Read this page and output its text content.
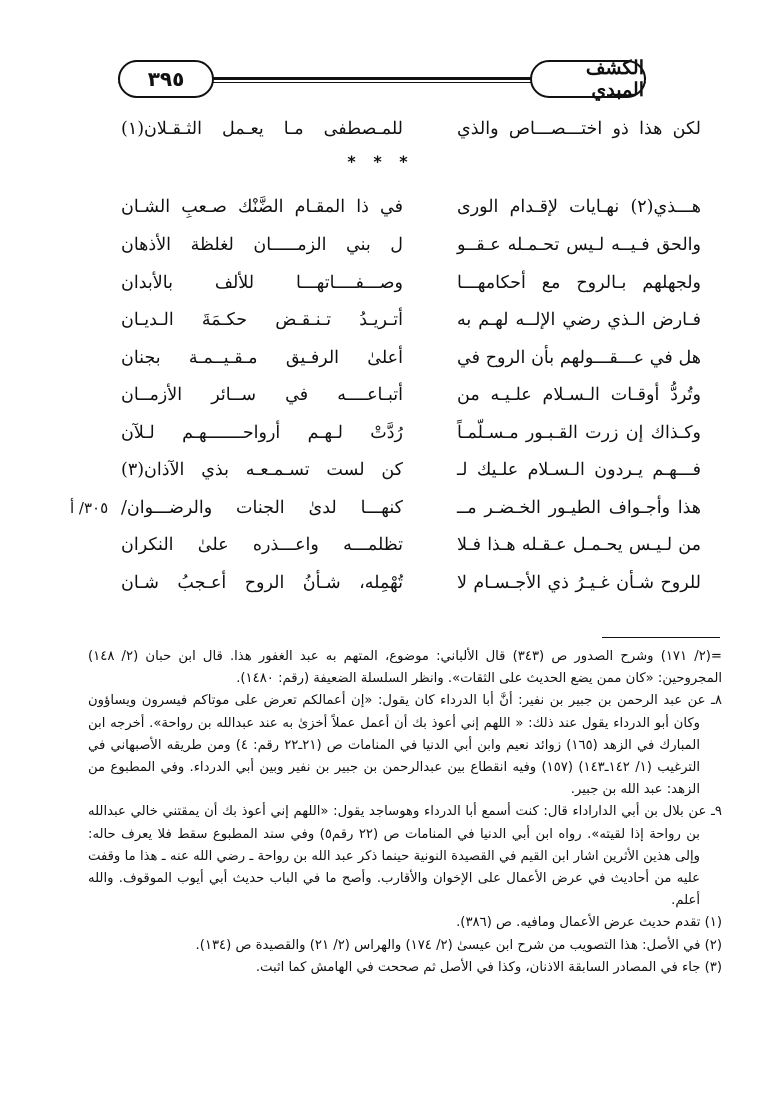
الكشف المبدي
٣٩٥
لكن هذا ذو اختـــصـــاص والذي
للمـصطفى مـا يعـمل الثـقـلان(١)
* * *
هـــذي(٢) نهـايات لإقـدام الورى
في ذا المقـام الضَّنْك صـعبِ الشـان
والحق فـيــه لـيس تحـمـله عـقــو
ل بني الزمـــــان لغلظة الأذهان
ولجهلهم بـالروح مع أحكامهـــا
وصـــفــــاتهـــا للألف بالأبدان
فـارض الـذي رضي الإلــه لهـم به
أتـريـدُ تـنـقـض حكـمَةَ الـديـان
هل في عـــقـــولهم بأن الروح في
أعلىٰ الرفـيق مـقـيــمـة بجنان
وتُردُّ أوقـات الـسـلام علـيـه من
أتبـاعــــه في ســائر الأزمــان
وكـذاك إن زرت القـبـور مـسـلّمـاً
رُدَّتْ لـهـم أرواحـــــــهـم لـلآن
فـــهـم يـردون الـسـلام علـيك لـ
كن لست تسـمـعـه بذي الآذان(٣)
هذا وأجـواف الطيـور الخـضـر مــ
كنهـــا لدىٰ الجنات والرضـــوان/
٣٠٥/ أ
من لـيـس يحـمـل عـقـله هـذا فـلا
تظلمـــه واعـــذره علىٰ النكران
للروح شـأن غـيـرُ ذي الأجـسـام لا
تُهْمِله، شـأنُ الروح أعـجبُ شـان

=(٢/ ١٧١) وشرح الصدور ص (٣٤٣) قال الألباني: موضوع، المتهم به عبد الغفور هذا. قال ابن حبان (٢/ ١٤٨) المجروحين: «كان ممن يضع الحديث على الثقات». وانظر السلسلة الضعيفة (رقم: ١٤٨٠).

٨ـ عن عبد الرحمن بن جبير بن نفير: أنَّ أبا الدرداء كان يقول: «إن أعمالكم تعرض على موتاكم فيسرون ويساؤون وكان أبو الدرداء يقول عند ذلك: « اللهم إني أعوذ بك أن أعمل عملاً أخزىٰ به عند عبدالله بن رواحة». أخرجه ابن المبارك في الزهد (١٦٥) زوائد نعيم وابن أبي الدنيا في المنامات ص (٢١ـ٢٢ رقم: ٤) ومن طريقه الأصبهاني في الترغيب (١/ ١٤٢ـ١٤٣) (١٥٧) وفيه انقطاع بين عبدالرحمن بن جبير بن نفير وبين أبي الدرداء. وفي المطبوع من الزهد: عبد الله بن جبير.

٩ـ عن بلال بن أبي الداراداء قال: كنت أسمع أبا الدرداء وهوساجد يقول: «اللهم إني أعوذ بك أن يمقتني خالي عبدالله بن رواحة إذا لقيته». رواه ابن أبي الدنيا في المنامات ص (٢٢ رقم٥) وفي سند المطبوع سقط فلا يعرف حاله: وإلى هذين الأثرين اشار ابن القيم في القصيدة النونية حينما ذكر عبد الله بن رواحة ـ رضي الله عنه ـ هذا ما وقفت عليه من أحاديث في عرض الأعمال على الإخوان والأقارب. وأصح ما في الباب حديث أبي أيوب الموقوف. والله أعلم.

(١) تقدم حديث عرض الأعمال ومافيه. ص (٣٨٦).

(٢) في الأصل: هذا التصويب من شرح ابن عيسىٰ (٢/ ١٧٤) والهراس (٢/ ٢١) والقصيدة ص (١٣٤).

(٣) جاء في المصادر السابقة الاذنان، وكذا في الأصل ثم صححت في الهامش كما اثبت.
